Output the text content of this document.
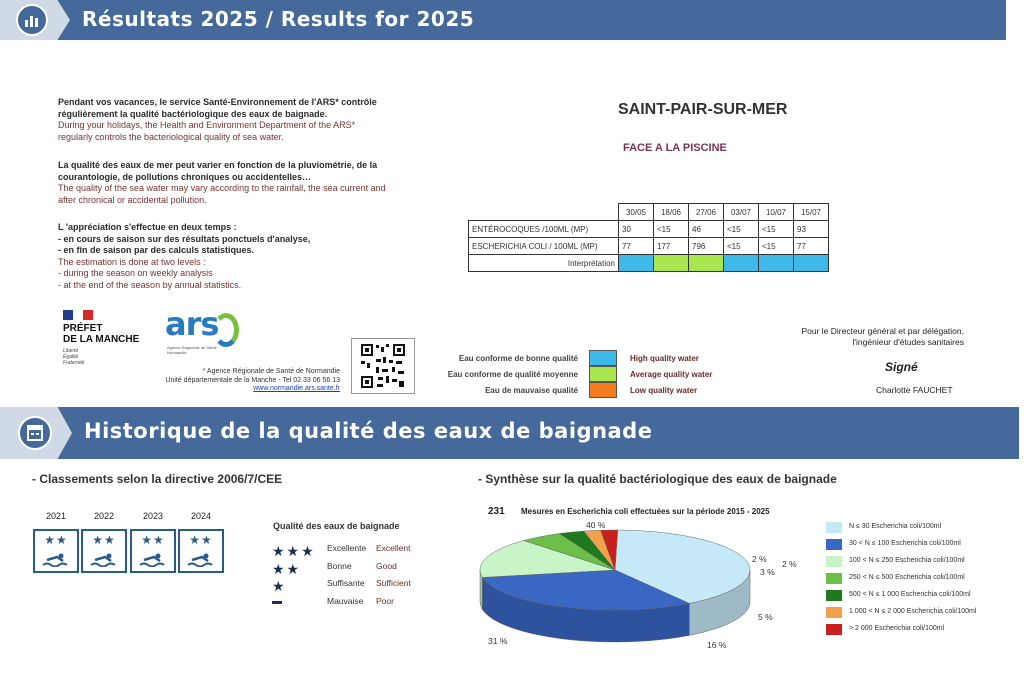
Résultats 2025 / Results for 2025
Pendant vos vacances, le service Santé-Environnement de l'ARS* contrôle
régulièrement la qualité bactériologique des eaux de baignade.
During your holidays, the Health and Environment Department of the ARS*
regularly controls the bacteriological quality of sea water.
La qualité des eaux de mer peut varier en fonction de la pluviométrie, de la
courantologie, de pollutions chroniques ou accidentelles…
The quality of the sea water may vary according to the rainfall, the sea current and
after chronical or accidental pollution.
L 'appréciation s'effectue en deux temps :
- en cours de saison sur des résultats ponctuels d'analyse,
- en fin de saison par des calculs statistiques.
The estimation is done at two levels :
- during the season on weekly analysis
- at the end of the season by annual statistics.
PRÉFET
DE LA MANCHE
Liberté
Égalité
Fraternité
ars
Agence Régionale de Santé Normandie
* Agence Régionale de Santé de Normandie
Unité départementale de la Manche - Tel 02 33 06 56 13
www.normandie.ars.sante.fr
SAINT-PAIR-SUR-MER
FACE A LA PISCINE
	30/05	18/06	27/06	03/07	10/07	15/07
ENTÉROCOQUES /100ML (MP)	30	<15	46	<15	<15	93
ESCHERICHIA COLI / 100ML (MP)	77	177	796	<15	<15	77
Interprétation						
Eau conforme de bonne qualité	High quality water
Eau conforme de qualité moyenne	Average quality water
Eau de mauvaise qualité	Low quality water
Pour le Directeur général et par délégation,
l'ingénieur d'études sanitaires
Signé
Charlotte FAUCHET
Historique de la qualité des eaux de baignade
- Classements selon la directive 2006/7/CEE
2021	2022	2023	2024
★★	★★	★★	★★
Qualité des eaux de baignade
★★★	Excellente Excellent
★★	Bonne	Good
★	Suffisante Sufficient
▬	Mauvaise Poor
- Synthèse sur la qualité bactériologique des eaux de baignade
231 Mesures en Escherichia coli effectuées sur la période 2015 - 2025
40 %
31 %	16 %
5 %
3 %
2 % 2 %
N ≤ 30 Escherichia coli/100ml
30 < N ≤ 100 Escherichia coli/100ml
100 < N ≤ 250 Escherichia coli/100ml
250 < N ≤ 500 Escherichia coli/100ml
500 < N ≤ 1 000 Escherichia coli/100ml
1 000 < N ≤ 2 000 Escherichia coli/100ml
> 2 000 Escherichia coli/100ml
